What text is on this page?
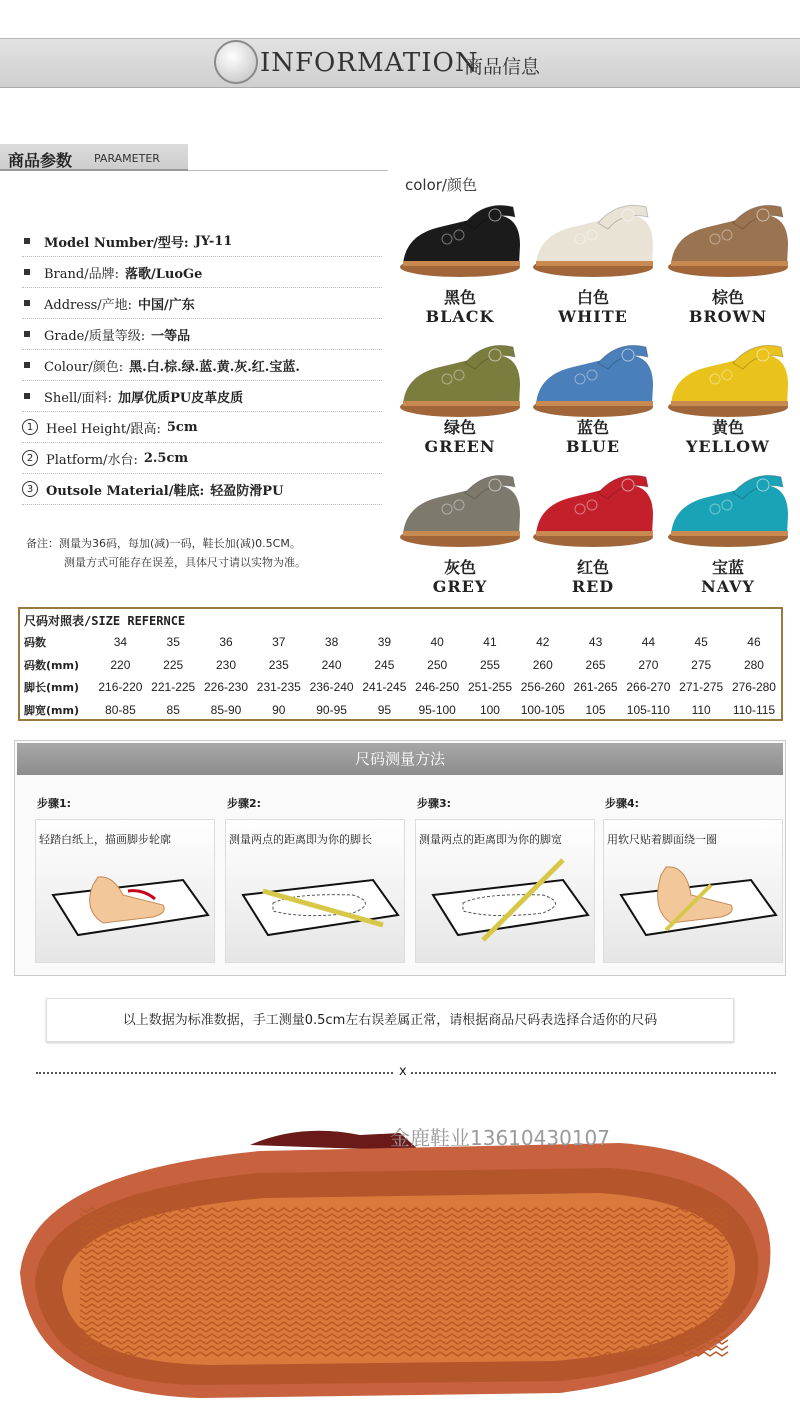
INFORMATION
商品信息
商品参数 PARAMETER
Model Number/型号: JY-11
Brand/品牌: 落歌/LuoGe
Address/产地: 中国/广东
Grade/质量等级: 一等品
Colour/颜色: 黑.白.棕.绿.蓝.黄.灰.红.宝蓝.
Shell/面料: 加厚优质PU皮革皮质
1 Heel Height/跟高: 5cm
2 Platform/水台: 2.5cm
3 Outsole Material/鞋底: 轻盈防滑PU
备注：测量为36码，每加(减)一码，鞋长加(减)0.5CM。
测量方式可能存在误差，具体尺寸请以实物为准。
color/颜色
黑色
BLACK
白色
WHITE
棕色
BROWN
绿色
GREEN
蓝色
BLUE
黄色
YELLOW
灰色
GREY
红色
RED
宝蓝
NAVY
尺码对照表/SIZE REFERNCE
码数	34	35	36	37	38	39	40	41	42	43	44	45	46
码数(mm)	220	225	230	235	240	245	250	255	260	265	270	275	280
脚长(mm)	216-220 221-225 226-230 231-235 236-240 241-245 246-250 251-255 256-260 261-265 266-270 271-275 276-280
脚宽(mm)	80-85	85	85-90	90	90-95	95	95-100	100	100-105	105	105-110	110	110-115
尺码测量方法
步骤1:
轻踏白纸上，描画脚步轮廓
步骤2:
测量两点的距离即为你的脚长
步骤3:
测量两点的距离即为你的脚宽
步骤4:
用软尺贴着脚面绕一圈
以上数据为标准数据，手工测量0.5cm左右误差属正常，请根据商品尺码表选择合适你的尺码
x
金鹿鞋业13610430107
